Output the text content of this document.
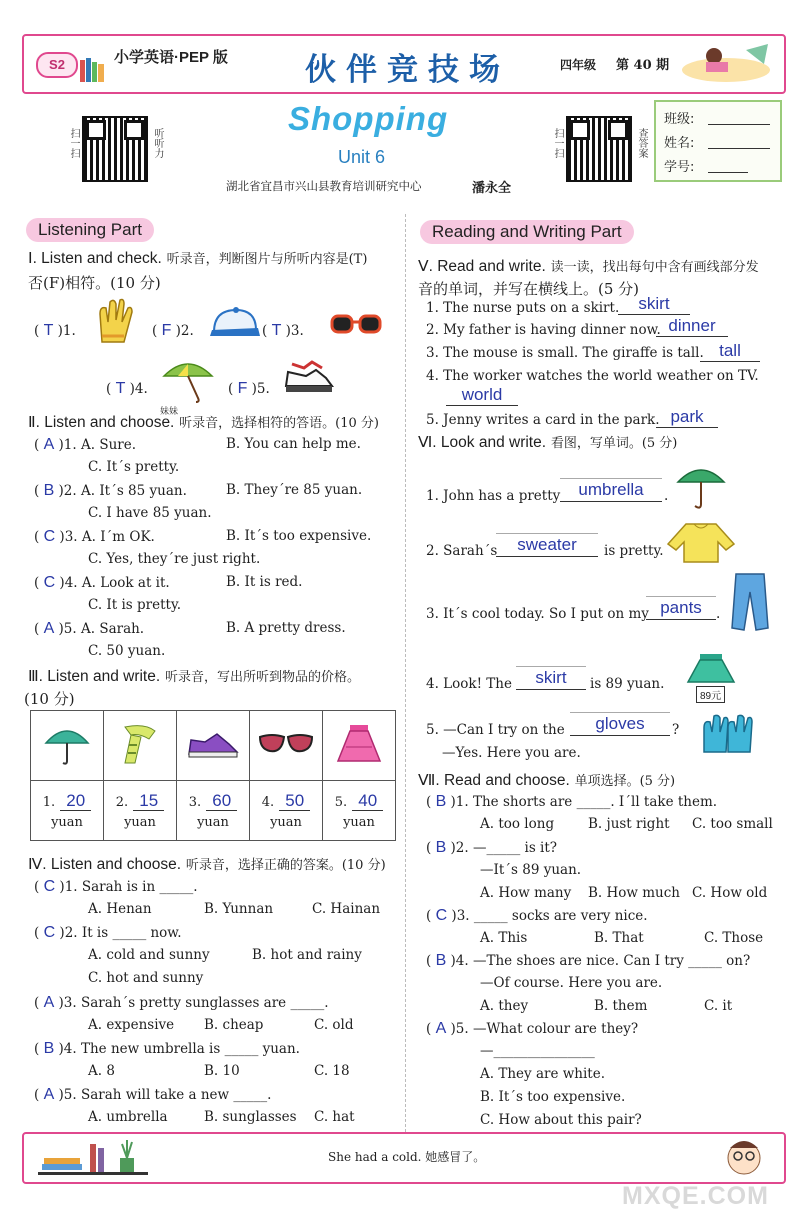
S2	小学英语·PEP 版 伙伴竞技场	四年级 第 40 期
扫一扫	听听力
Shopping
Unit 6
湖北省宜昌市兴山县教育培训研究中心	潘永全
扫一扫	查答案
班级:
姓名:
学号:
Listening Part
Ⅰ. Listen and check. 听录音，判断图片与所听内容是(T)
否(F)相符。(10 分)
( T )1.	( F )2.	( T )3.
( T )4.
妹妹
( F )5.
Ⅱ. Listen and choose. 听录音，选择相符的答语。(10 分)
( A )1. A. Sure.	B. You can help me.
C. It´s pretty.
( B )2. A. It´s 85 yuan.	B. They´re 85 yuan.
C. I have 85 yuan.
( C )3. A. I´m OK.	B. It´s too expensive.
C. Yes, they´re just right.
( C )4. A. Look at it.	B. It is red.
C. It is pretty.
( A )5. A. Sarah.	B. A pretty dress.
C. 50 yuan.
Ⅲ. Listen and write. 听录音，写出所听到物品的价格。
(10 分)

1. 20
yuan	2. 15
yuan	3. 60
yuan	4. 50
yuan	5. 40
yuan
Ⅳ. Listen and choose. 听录音，选择正确的答案。(10 分)
( C )1. Sarah is in _____.
A. Henan	B. Yunnan	C. Hainan
( C )2. It is _____ now.
A. cold and sunny	B. hot and rainy
C. hot and sunny
( A )3. Sarah´s pretty sunglasses are _____.
A. expensive B. cheap	C. old
( B )4. The new umbrella is _____ yuan.
A. 8	B. 10	C. 18
( A )5. Sarah will take a new _____.
A. umbrella	B. sunglasses C. hat
Reading and Writing Part
Ⅴ. Read and write. 读一读，找出每句中含有画线部分发
音的单词，并写在横线上。(5 分)
1. The nurse puts on a skirt.	skirt
2. My father is having dinner now. dinner
3. The mouse is small. The giraffe is tall. tall
4. The worker watches the world weather on TV.
world
5. Jenny writes a card in the park. park
Ⅵ. Look and write. 看图，写单词。(5 分)
1. John has a pretty	umbrella	.
2. Sarah´s	sweater	is pretty.
3. It´s cool today. So I put on my pants	.
4. Look! The	skirt	is 89 yuan.
89元
5. —Can I try on the	gloves	?
—Yes. Here you are.
Ⅶ. Read and choose. 单项选择。(5 分)
( B )1. The shorts are _____. I´ll take them.
A. too long	B. just right C. too small
( B )2. —_____ is it?
—It´s 89 yuan.
A. How many B. How much C. How old
( C )3. _____ socks are very nice.
A. This	B. That	C. Those
( B )4. —The shoes are nice. Can I try _____ on?
—Of course. Here you are.
A. they	B. them	C. it
( A )5. —What colour are they?
—_______________
A. They are white.
B. It´s too expensive.
C. How about this pair?
She had a cold. 她感冒了。
MXQE.COM
